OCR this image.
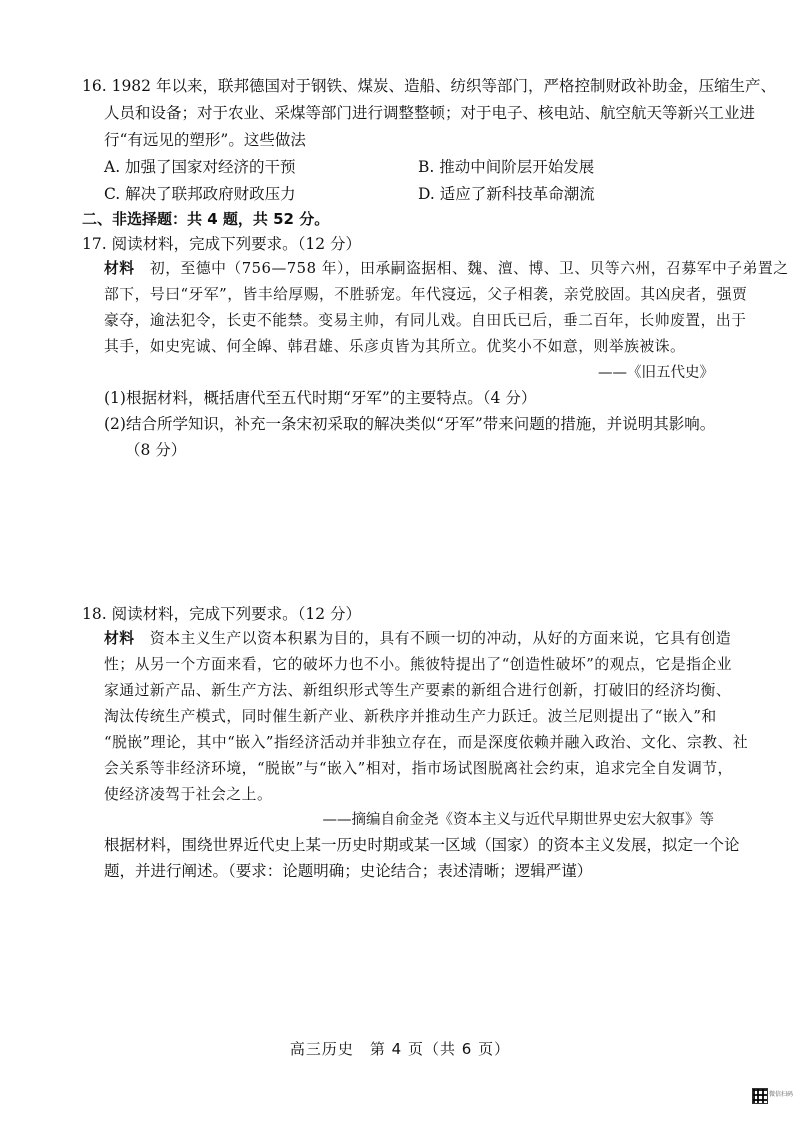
16. 1982 年以来，联邦德国对于钢铁、煤炭、造船、纺织等部门，严格控制财政补助金，压缩生产、
人员和设备；对于农业、采煤等部门进行调整整顿；对于电子、核电站、航空航天等新兴工业进
行“有远见的塑形”。这些做法
A. 加强了国家对经济的干预	B. 推动中间阶层开始发展
C. 解决了联邦政府财政压力	D. 适应了新科技革命潮流
二、非选择题：共 4 题，共 52 分。
17. 阅读材料，完成下列要求。（12 分）
材料　 初，至德中（756—758 年），田承嗣盗据相、魏、澶、博、卫、贝等六州，召募军中子弟置之
部下，号曰“牙军”，皆丰给厚赐，不胜骄宠。年代寖远，父子相袭，亲党胶固。其凶戾者，强贾
豪夺，逾法犯令，长吏不能禁。变易主帅，有同儿戏。自田氏已后，垂二百年，长帅废置，出于
其手，如史宪诚、何全皞、韩君雄、乐彦贞皆为其所立。优奖小不如意，则举族被诛。
——《旧五代史》
(1)根据材料，概括唐代至五代时期“牙军”的主要特点。（4 分）
(2)结合所学知识，补充一条宋初采取的解决类似“牙军”带来问题的措施，并说明其影响。
（8 分）
18. 阅读材料，完成下列要求。（12 分）
材料　 资本主义生产以资本积累为目的，具有不顾一切的冲动，从好的方面来说，它具有创造
性；从另一个方面来看，它的破坏力也不小。熊彼特提出了“创造性破坏”的观点，它是指企业
家通过新产品、新生产方法、新组织形式等生产要素的新组合进行创新，打破旧的经济均衡、
淘汰传统生产模式，同时催生新产业、新秩序并推动生产力跃迁。波兰尼则提出了“嵌入”和
“脱嵌”理论，其中“嵌入”指经济活动并非独立存在，而是深度依赖并融入政治、文化、宗教、社
会关系等非经济环境，“脱嵌”与“嵌入”相对，指市场试图脱离社会约束，追求完全自发调节，
使经济凌驾于社会之上。
——摘编自俞金尧《资本主义与近代早期世界史宏大叙事》等
根据材料，围绕世界近代史上某一历史时期或某一区域（国家）的资本主义发展，拟定一个论
题，并进行阐述。（要求：论题明确；史论结合；表述清晰；逻辑严谨）
高三历史　第 4 页（共 6 页）
微信扫码
